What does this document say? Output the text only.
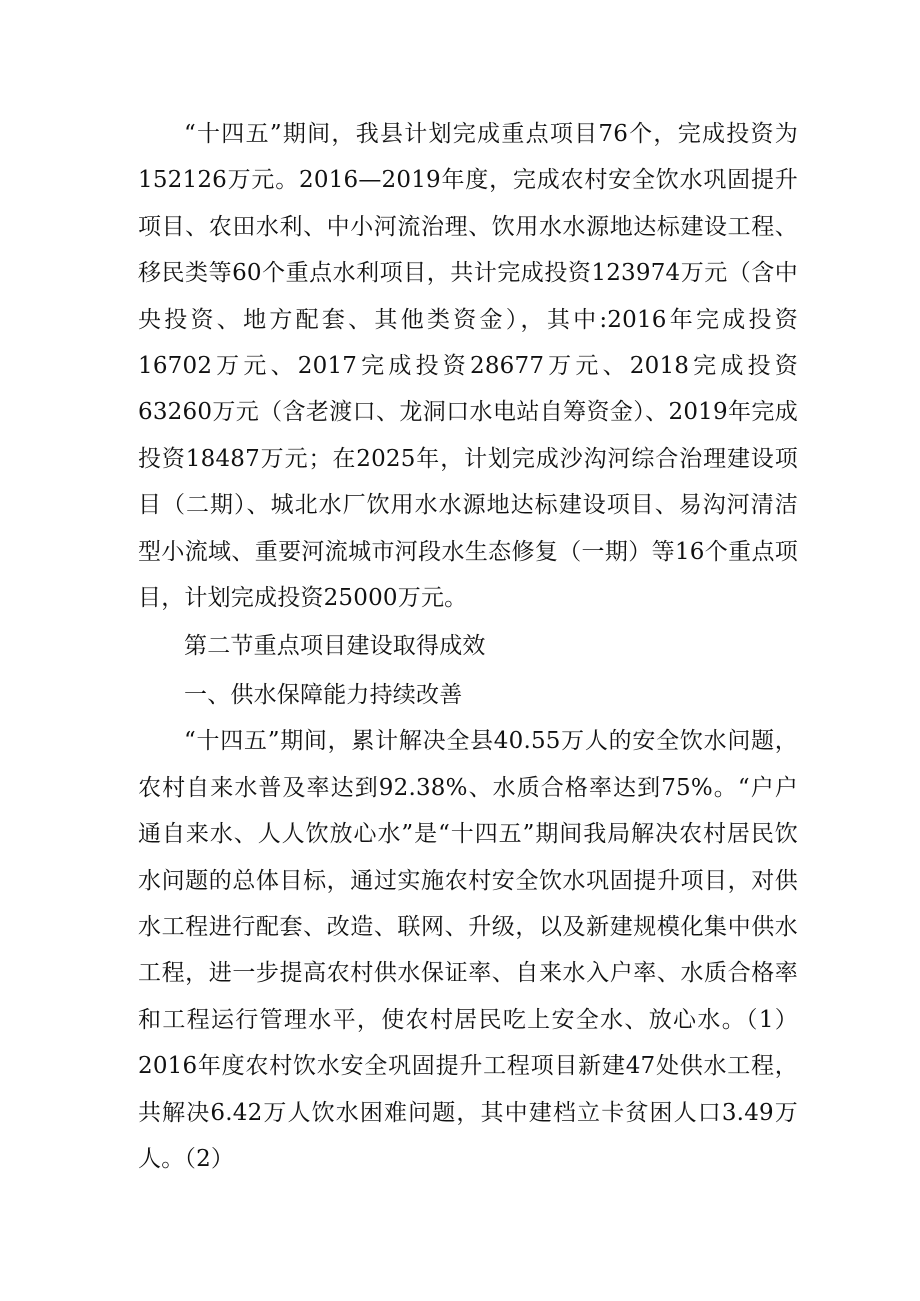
“十四五”期间，我县计划完成重点项目76个，完成投资为152126万元。2016—2019年度，完成农村安全饮水巩固提升项目、农田水利、中小河流治理、饮用水水源地达标建设工程、移民类等60个重点水利项目，共计完成投资123974万元（含中央投资、地方配套、其他类资金），其中:2016年完成投资16702万元、2017完成投资28677万元、2018完成投资63260万元（含老渡口、龙洞口水电站自筹资金）、2019年完成投资18487万元；在2025年，计划完成沙沟河综合治理建设项目（二期）、城北水厂饮用水水源地达标建设项目、易沟河清洁型小流域、重要河流城市河段水生态修复（一期）等16个重点项目，计划完成投资25000万元。

第二节重点项目建设取得成效

一、供水保障能力持续改善

“十四五”期间，累计解决全县40.55万人的安全饮水问题，农村自来水普及率达到92.38%、水质合格率达到75%。“户户通自来水、人人饮放心水”是“十四五”期间我局解决农村居民饮水问题的总体目标，通过实施农村安全饮水巩固提升项目，对供水工程进行配套、改造、联网、升级，以及新建规模化集中供水工程，进一步提高农村供水保证率、自来水入户率、水质合格率和工程运行管理水平，使农村居民吃上安全水、放心水。（1）2016年度农村饮水安全巩固提升工程项目新建47处供水工程，共解决6.42万人饮水困难问题，其中建档立卡贫困人口3.49万人。（2）
